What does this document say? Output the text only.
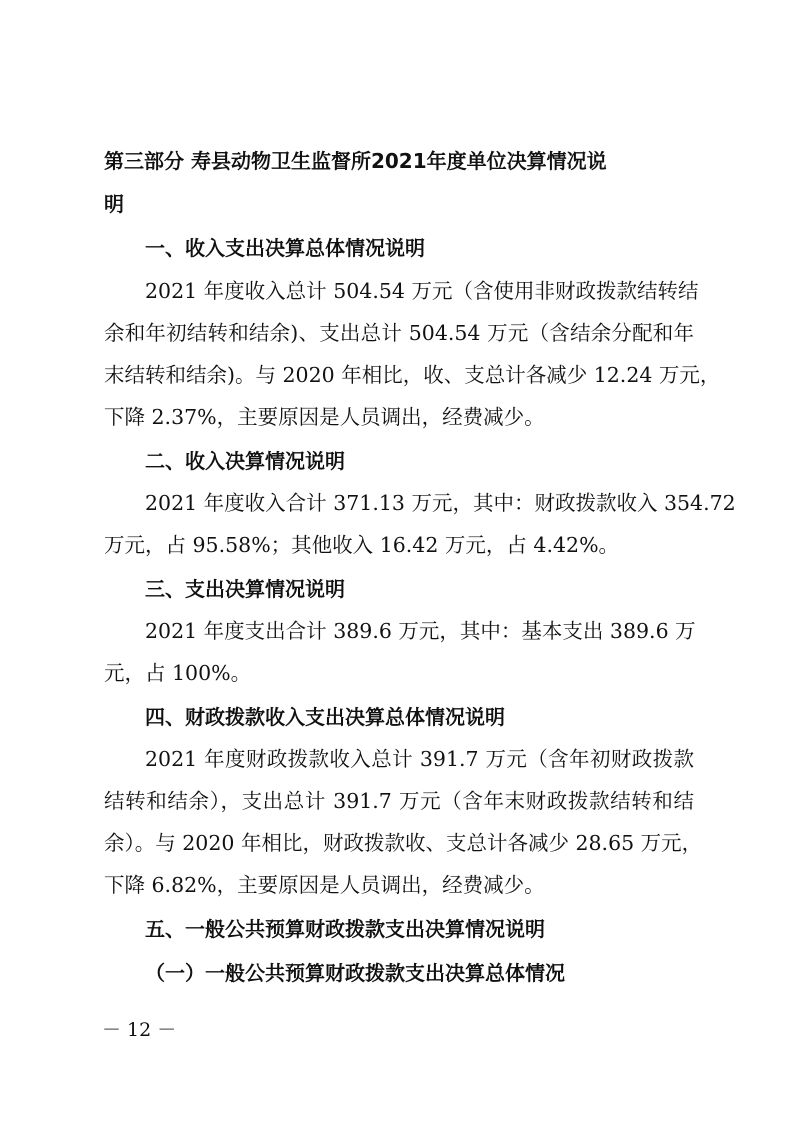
第三部分 寿县动物卫生监督所2021年度单位决算情况说
明
一、收入支出决算总体情况说明
2021 年度收入总计 504.54 万元（含使用非财政拨款结转结
余和年初结转和结余)、支出总计 504.54 万元（含结余分配和年
末结转和结余)。与 2020 年相比，收、支总计各减少 12.24 万元，
下降 2.37%，主要原因是人员调出，经费减少。
二、收入决算情况说明
2021 年度收入合计 371.13 万元，其中：财政拨款收入 354.72
万元，占 95.58%；其他收入 16.42 万元，占 4.42%。
三、支出决算情况说明
2021 年度支出合计 389.6 万元，其中：基本支出 389.6 万
元，占 100%。
四、财政拨款收入支出决算总体情况说明
2021 年度财政拨款收入总计 391.7 万元（含年初财政拨款
结转和结余），支出总计 391.7 万元（含年末财政拨款结转和结
余）。与 2020 年相比，财政拨款收、支总计各减少 28.65 万元，
下降 6.82%，主要原因是人员调出，经费减少。
五、一般公共预算财政拨款支出决算情况说明
（一）一般公共预算财政拨款支出决算总体情况
－ 12 －
